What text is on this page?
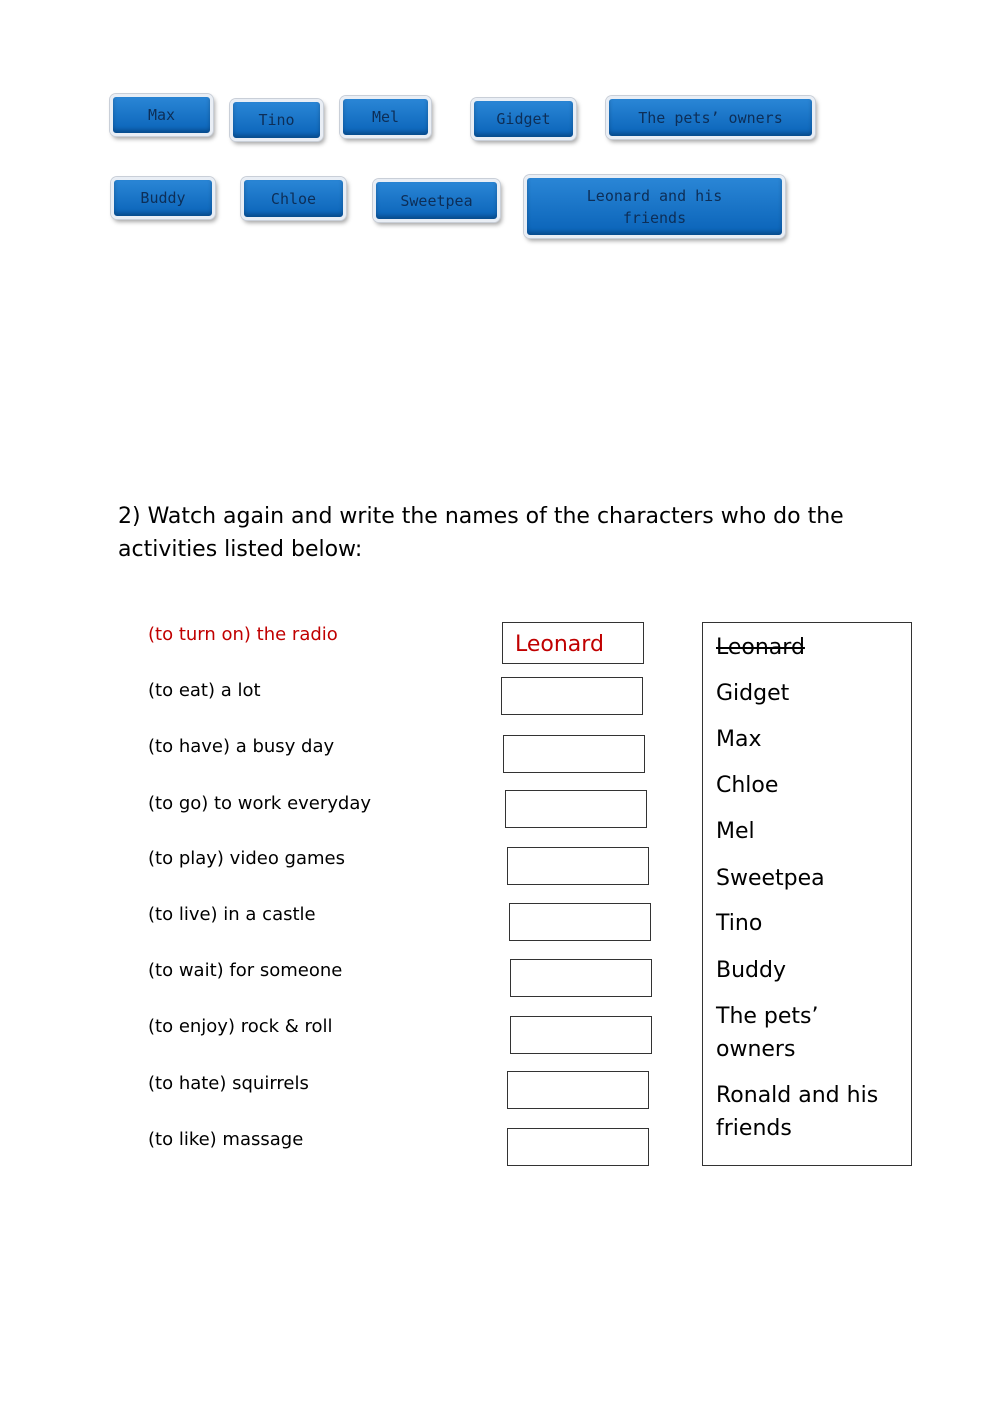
Max	Tino	Mel	Gidget	The pets’ owners
Buddy	Chloe	Sweetpea	Leonard and his friends
2) Watch again and write the names of the characters who do the activities listed below:
(to turn on) the radio
(to eat) a lot
(to have) a busy day
(to go) to work everyday
(to play) video games
(to live) in a castle
(to wait) for someone
(to enjoy) rock & roll
(to hate) squirrels
(to like) massage
Leonard	Leonard
Gidget
Max
Chloe
Mel
Sweetpea
Tino
Buddy
The pets’ owners
Ronald and his friends
